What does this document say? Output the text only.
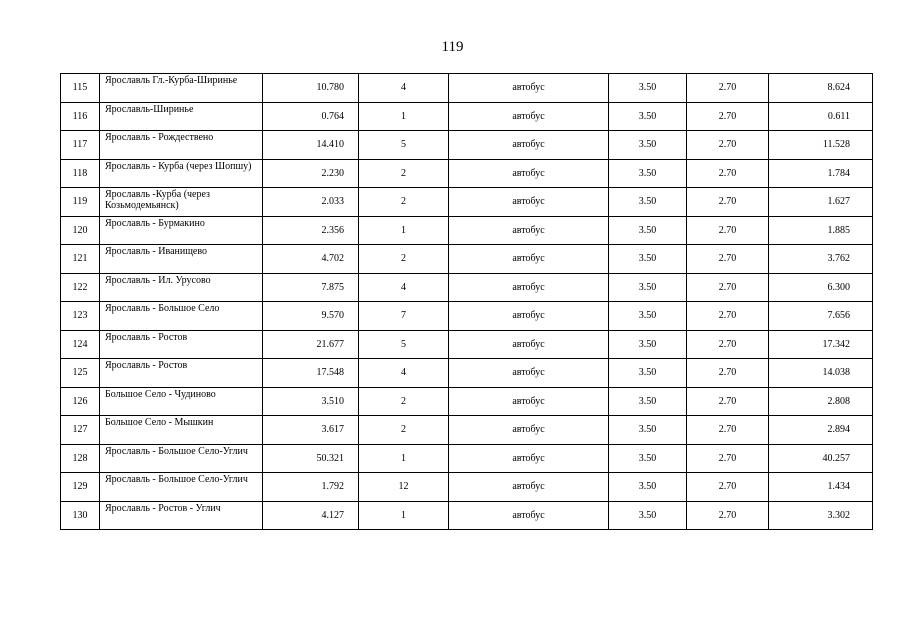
119
115	Ярославль Гл.-Курба-Ширинье	10.780	4	автобус	3.50	2.70	8.624
116	Ярославль-Ширинье	0.764	1	автобус	3.50	2.70	0.611
117	Ярославль - Рождествено	14.410	5	автобус	3.50	2.70	11.528
118	Ярославль - Курба (через Шопшу)	2.230	2	автобус	3.50	2.70	1.784
119	Ярославль -Курба (через Козьмодемьянск)	2.033	2	автобус	3.50	2.70	1.627
120	Ярославль - Бурмакино	2.356	1	автобус	3.50	2.70	1.885
121	Ярославль - Иванищево	4.702	2	автобус	3.50	2.70	3.762
122	Ярославль - Ил. Урусово	7.875	4	автобус	3.50	2.70	6.300
123	Ярославль - Большое Село	9.570	7	автобус	3.50	2.70	7.656
124	Ярославль - Ростов	21.677	5	автобус	3.50	2.70	17.342
125	Ярославль - Ростов	17.548	4	автобус	3.50	2.70	14.038
126	Большое Село - Чудиново	3.510	2	автобус	3.50	2.70	2.808
127	Большое Село - Мышкин	3.617	2	автобус	3.50	2.70	2.894
128	Ярославль - Большое Село-Углич	50.321	1	автобус	3.50	2.70	40.257
129	Ярославль - Большое Село-Углич	1.792	12	автобус	3.50	2.70	1.434
130	Ярославль - Ростов - Углич	4.127	1	автобус	3.50	2.70	3.302
